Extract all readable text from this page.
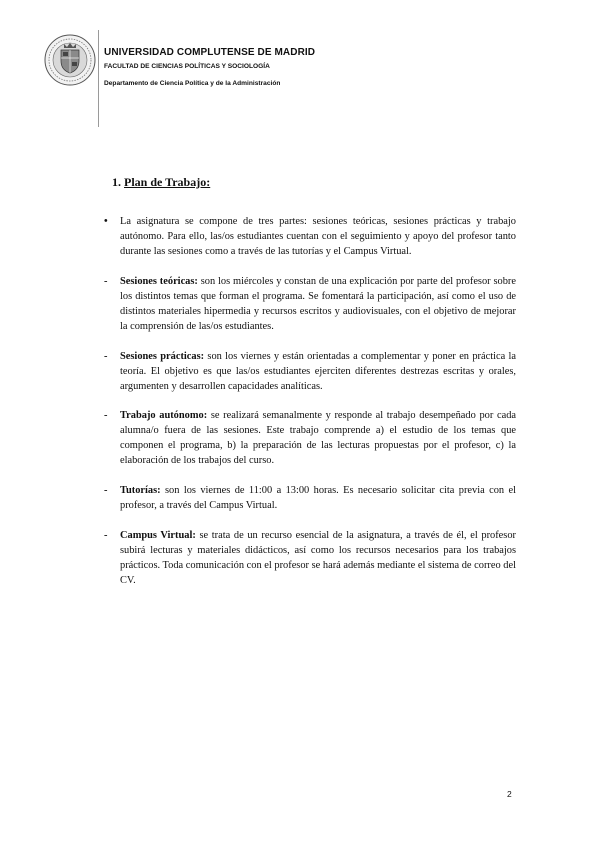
UNIVERSIDAD COMPLUTENSE DE MADRID
FACULTAD DE CIENCIAS POLÍTICAS Y SOCIOLOGÍA
Departamento de Ciencia Política y de la Administración
1. Plan de Trabajo:
•	La asignatura se compone de tres partes: sesiones teóricas, sesiones prácticas y trabajo autónomo. Para ello, las/os estudiantes cuentan con el seguimiento y apoyo del profesor tanto durante las sesiones como a través de las tutorías y el Campus Virtual.
-	Sesiones teóricas: son los miércoles y constan de una explicación por parte del profesor sobre los distintos temas que forman el programa. Se fomentará la participación, así como el uso de distintos materiales hipermedia y recursos escritos y audiovisuales, con el objetivo de mejorar la comprensión de las/os estudiantes.
-	Sesiones prácticas: son los viernes y están orientadas a complementar y poner en práctica la teoría. El objetivo es que las/os estudiantes ejerciten diferentes destrezas escritas y orales, argumenten y desarrollen capacidades analíticas.
-	Trabajo autónomo: se realizará semanalmente y responde al trabajo desempeñado por cada alumna/o fuera de las sesiones. Este trabajo comprende a) el estudio de los temas que componen el programa, b) la preparación de las lecturas propuestas por el profesor, c) la elaboración de los trabajos del curso.
-	Tutorías: son los viernes de 11:00 a 13:00 horas. Es necesario solicitar cita previa con el profesor, a través del Campus Virtual.
-	Campus Virtual: se trata de un recurso esencial de la asignatura, a través de él, el profesor subirá lecturas y materiales didácticos, así como los recursos necesarios para los trabajos prácticos. Toda comunicación con el profesor se hará además mediante el sistema de correo del CV.
2
